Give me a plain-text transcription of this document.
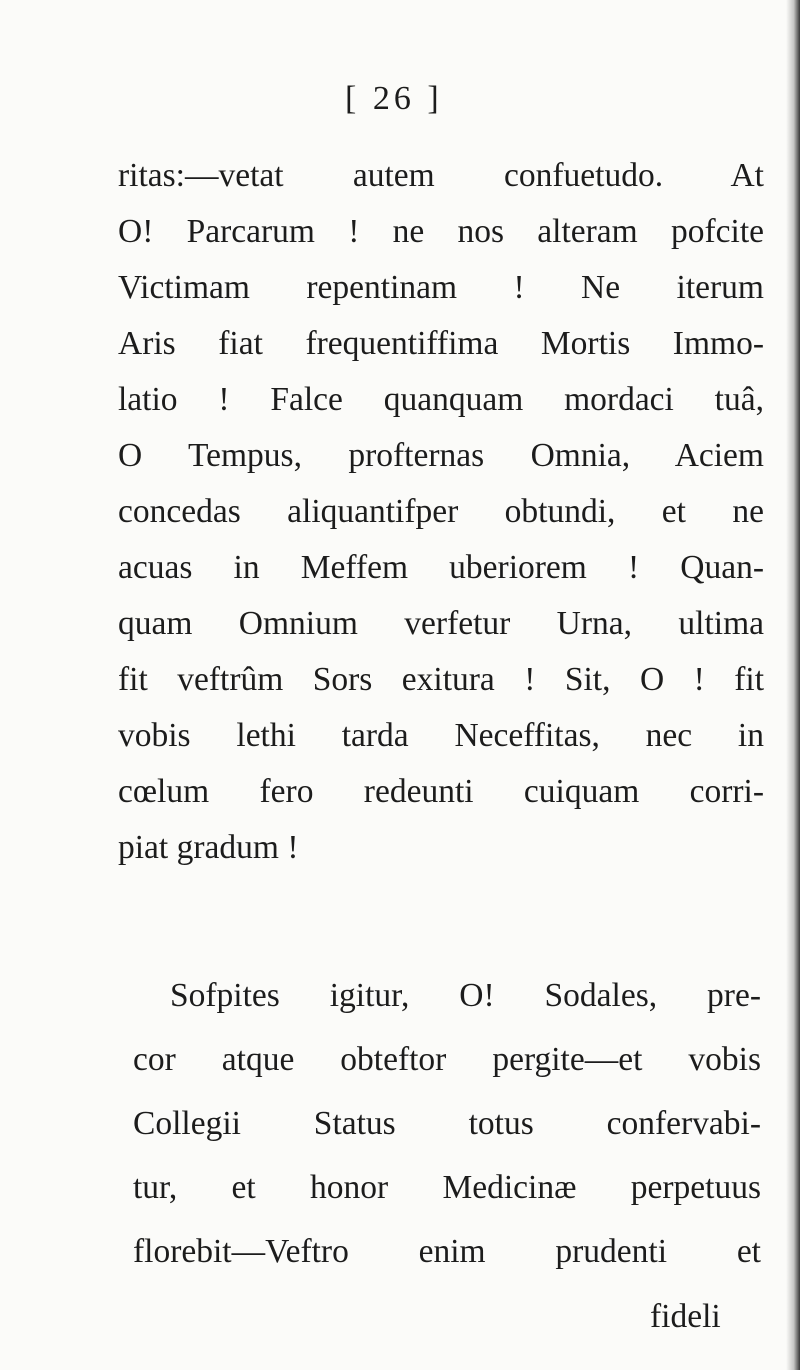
[ 26 ]
ritas:—vetat autem confuetudo. At
O! Parcarum ! ne nos alteram pofcite
Victimam repentinam ! Ne iterum
Aris fiat frequentiffima Mortis Immo-
latio ! Falce quanquam mordaci tuâ,
O Tempus, profternas Omnia, Aciem
concedas aliquantifper obtundi, et ne
acuas in Meffem uberiorem ! Quan-
quam Omnium verfetur Urna, ultima
fit veftrûm Sors exitura ! Sit, O ! fit
vobis lethi tarda Neceffitas, nec in
cœlum fero redeunti cuiquam corri-
piat gradum !
Sofpites igitur, O! Sodales, pre-
cor atque obteftor pergite—et vobis
Collegii Status totus confervabi-
tur, et honor Medicinæ perpetuus
florebit—Veftro enim prudenti et
fideli
